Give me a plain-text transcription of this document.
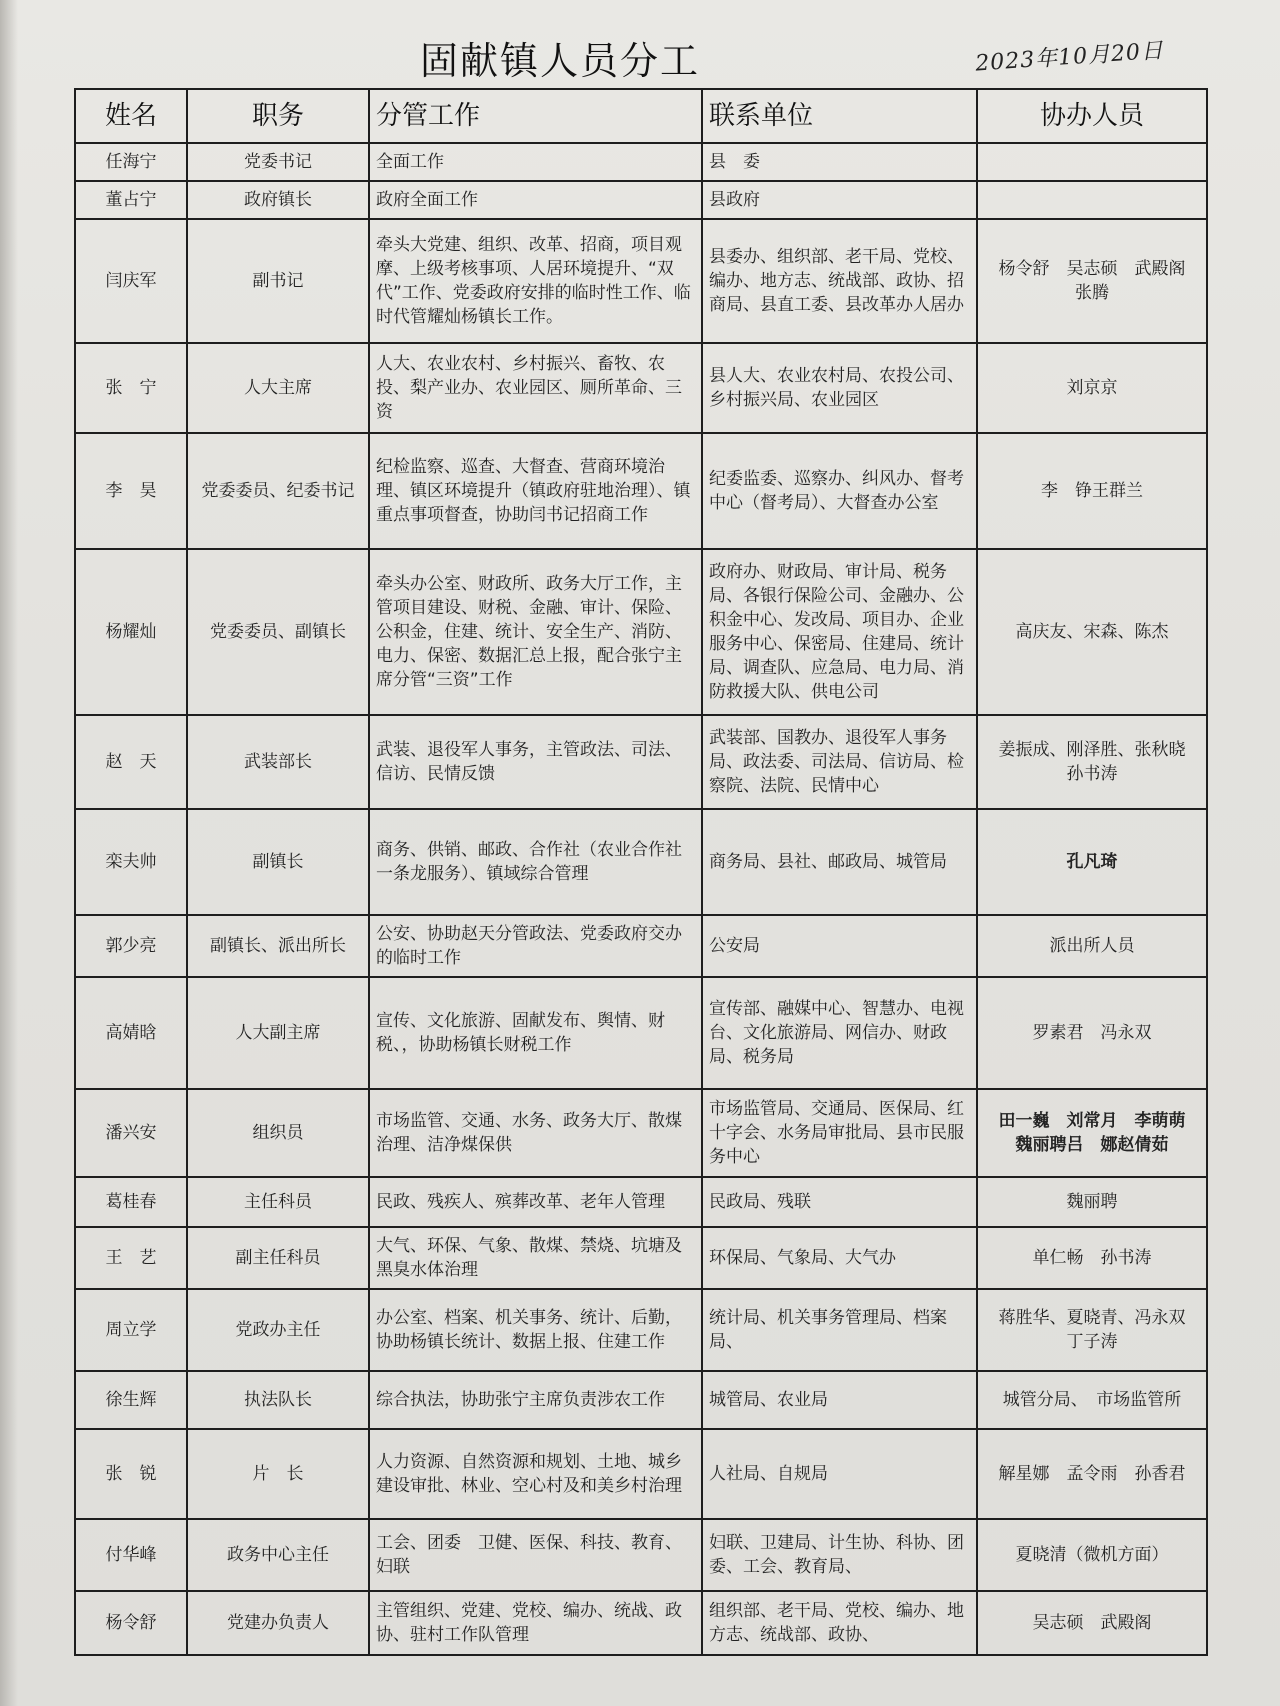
固献镇人员分工	2023年10月20日
姓名	职务	分管工作	联系单位	协办人员
任海宁	党委书记	全面工作	县　委	
董占宁	政府镇长	政府全面工作	县政府	
闫庆军	副书记	牵头大党建、组织、改革、招商，项目观摩、上级考核事项、人居环境提升、“双代”工作、党委政府安排的临时性工作、临时代管耀灿杨镇长工作。	县委办、组织部、老干局、党校、编办、地方志、统战部、政协、招商局、县直工委、县改革办人居办	杨令舒　吴志硕　武殿阁　张腾
张　宁	人大主席	人大、农业农村、乡村振兴、畜牧、农投、梨产业办、农业园区、厕所革命、三资	县人大、农业农村局、农投公司、乡村振兴局、农业园区	刘京京
李　昊	党委委员、纪委书记	纪检监察、巡查、大督查、营商环境治理、镇区环境提升（镇政府驻地治理）、镇重点事项督查，协助闫书记招商工作	纪委监委、巡察办、纠风办、督考中心（督考局）、大督查办公室	李　铮王群兰
杨耀灿	党委委员、副镇长	牵头办公室、财政所、政务大厅工作，主管项目建设、财税、金融、审计、保险、公积金，住建、统计、安全生产、消防、电力、保密、数据汇总上报，配合张宁主席分管“三资”工作	政府办、财政局、审计局、税务局、各银行保险公司、金融办、公积金中心、发改局、项目办、企业服务中心、保密局、住建局、统计局、调查队、应急局、电力局、消防救援大队、供电公司	高庆友、宋森、陈杰
赵　天	武装部长	武装、退役军人事务，主管政法、司法、信访、民情反馈	武装部、国教办、退役军人事务局、政法委、司法局、信访局、检察院、法院、民情中心	姜振成、刚泽胜、张秋晓　孙书涛
栾夫帅	副镇长	商务、供销、邮政、合作社（农业合作社一条龙服务）、镇域综合管理	商务局、县社、邮政局、城管局	孔凡琦
郭少亮	副镇长、派出所长	公安、协助赵天分管政法、党委政府交办的临时工作	公安局	派出所人员
高婧晗	人大副主席	宣传、文化旅游、固献发布、舆情、财税、，协助杨镇长财税工作	宣传部、融媒中心、智慧办、电视台、文化旅游局、网信办、财政局、税务局	罗素君　冯永双
潘兴安	组织员	市场监管、交通、水务、政务大厅、散煤治理、洁净煤保供	市场监管局、交通局、医保局、红十字会、水务局审批局、县市民服务中心	田一巍　刘常月　李萌萌　魏丽聘吕　娜赵倩茹
葛桂春	主任科员	民政、残疾人、殡葬改革、老年人管理	民政局、残联	魏丽聘
王　艺	副主任科员	大气、环保、气象、散煤、禁烧、坑塘及黑臭水体治理	环保局、气象局、大气办	单仁畅　孙书涛
周立学	党政办主任	办公室、档案、机关事务、统计、后勤，协助杨镇长统计、数据上报、住建工作	统计局、机关事务管理局、档案局、	蒋胜华、夏晓青、冯永双　丁子涛
徐生辉	执法队长	综合执法，协助张宁主席负责涉农工作	城管局、农业局	城管分局、　市场监管所
张　锐	片　长	人力资源、自然资源和规划、土地、城乡建设审批、林业、空心村及和美乡村治理	人社局、自规局	解星娜　孟令雨　孙香君
付华峰	政务中心主任	工会、团委　卫健、医保、科技、教育、妇联	妇联、卫建局、计生协、科协、团委、工会、教育局、	夏晓清（微机方面）
杨令舒	党建办负责人	主管组织、党建、党校、编办、统战、政协、驻村工作队管理	组织部、老干局、党校、编办、地方志、统战部、政协、	吴志硕　武殿阁
